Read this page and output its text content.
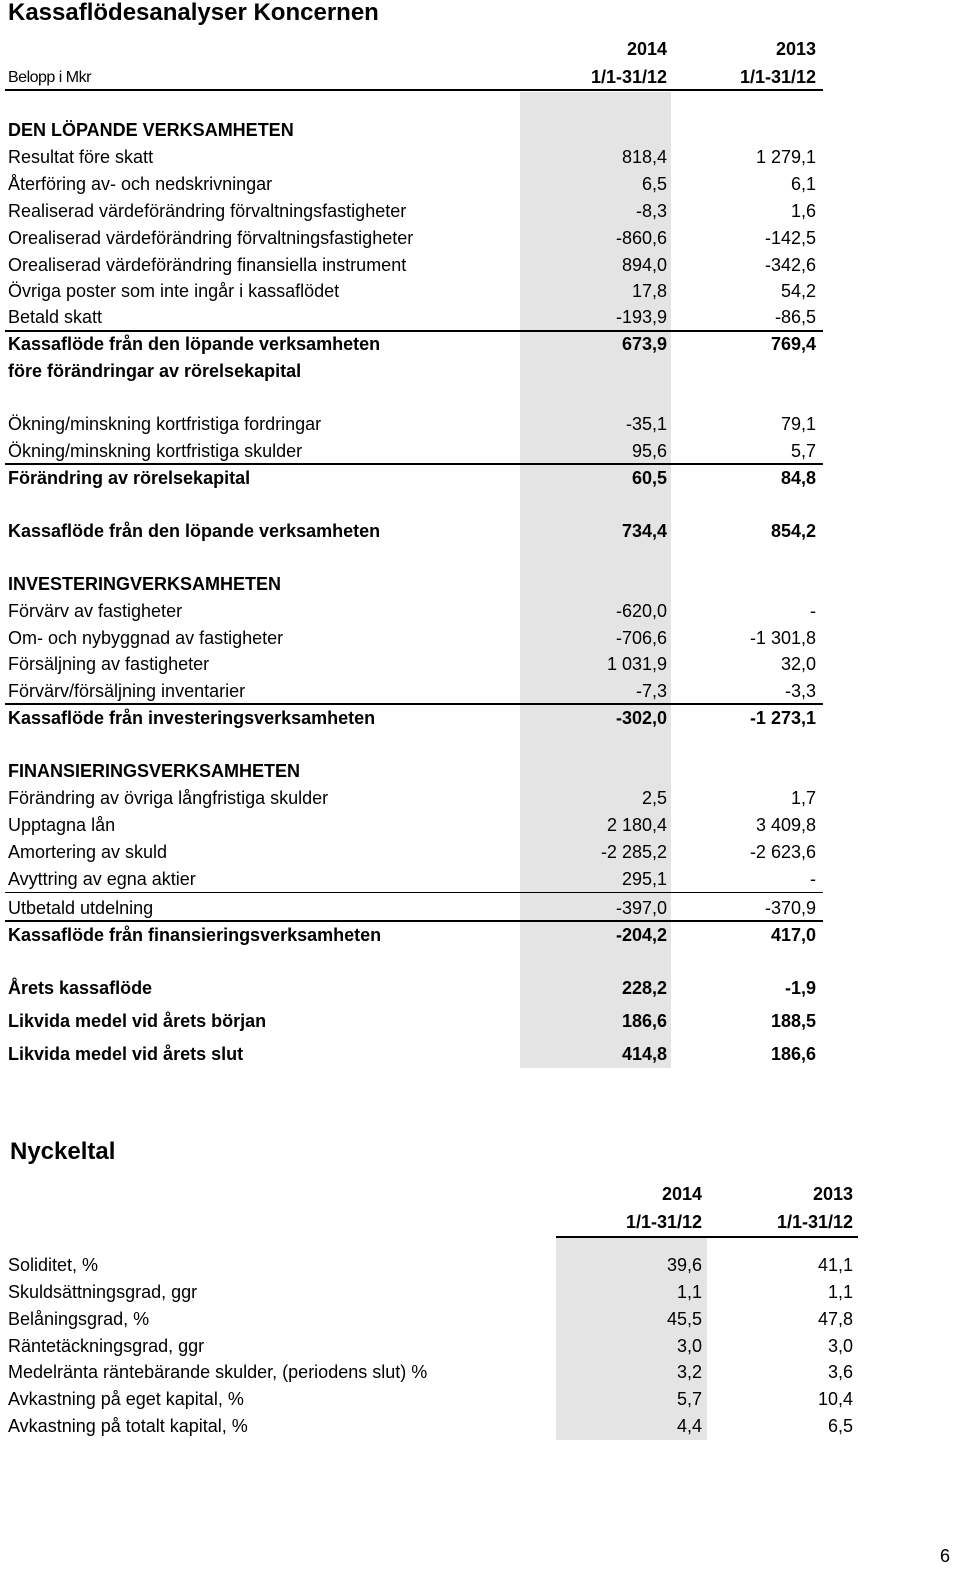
Kassaflödesanalyser Koncernen
2014	2013
Belopp i Mkr	1/1-31/12	1/1-31/12
DEN LÖPANDE VERKSAMHETEN
Resultat före skatt	818,4	1 279,1
Återföring av- och nedskrivningar	6,5	6,1
Realiserad värdeförändring förvaltningsfastigheter	-8,3	1,6
Orealiserad värdeförändring förvaltningsfastigheter	-860,6	-142,5
Orealiserad värdeförändring finansiella instrument	894,0	-342,6
Övriga poster som inte ingår i kassaflödet	17,8	54,2
Betald skatt	-193,9	-86,5
Kassaflöde från den löpande verksamheten	673,9	769,4
före förändringar av rörelsekapital
Ökning/minskning kortfristiga fordringar	-35,1	79,1
Ökning/minskning kortfristiga skulder	95,6	5,7
Förändring av rörelsekapital	60,5	84,8
Kassaflöde från den löpande verksamheten	734,4	854,2
INVESTERINGVERKSAMHETEN
Förvärv av fastigheter	-620,0	-
Om- och nybyggnad av fastigheter	-706,6	-1 301,8
Försäljning av fastigheter	1 031,9	32,0
Förvärv/försäljning inventarier	-7,3	-3,3
Kassaflöde från investeringsverksamheten	-302,0	-1 273,1
FINANSIERINGSVERKSAMHETEN
Förändring av övriga långfristiga skulder	2,5	1,7
Upptagna lån	2 180,4	3 409,8
Amortering av skuld	-2 285,2	-2 623,6
Avyttring av egna aktier	295,1	-
Utbetald utdelning	-397,0	-370,9
Kassaflöde från finansieringsverksamheten	-204,2	417,0
Årets kassaflöde	228,2	-1,9
Likvida medel vid årets början	186,6	188,5
Likvida medel vid årets slut	414,8	186,6
Nyckeltal
2014	2013
1/1-31/12	1/1-31/12
Soliditet, %	39,6	41,1
Skuldsättningsgrad, ggr	1,1	1,1
Belåningsgrad, %	45,5	47,8
Räntetäckningsgrad, ggr	3,0	3,0
Medelränta räntebärande skulder, (periodens slut) %	3,2	3,6
Avkastning på eget kapital, %	5,7	10,4
Avkastning på totalt kapital, %	4,4	6,5
6
